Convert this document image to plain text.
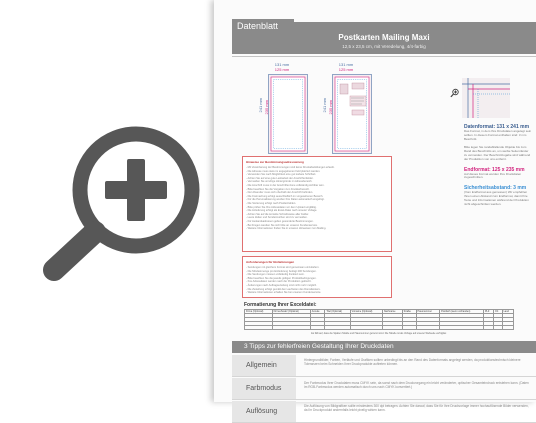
Datenblatt
Postkarten Mailing Maxi
12,5 x 23,5 cm, mit Veredelung, 4/4-farbig
131 mm
125 mm
241 mm 235 mm
131 mm
125 mm
241 mm 235 mm
Datenformat: 131 x 241 mm
Das Format, in dem Ihre Druckdaten angelegt sein sollten. In diesem Format enthalten sind: 3 mm Beschnitt.
Bitte legen Sie randabfallende Objekte bis zum Rand des Beschnitts an, um weiße Seitenränder zu vermeiden. Der Beschnittzugabe wird während der Produktion von uns entfernt.
Endformat: 125 x 235 mm
Auf dieses Format werden Ihre Druckdaten zugeschnitten.
Sicherheitsabstand: 3 mm
(Vom Endformat aus gemessen) Wir empfehlen Ihnen einen Abstand zum Endformat, damit Ihre Texte und Informationen während der Produktion nicht abgeschnitten werden.
Hinweise zur Bestimmungsadressierung
- Mit Vereinbarung der Bestimmungen sind keine Druckabwicklungen erlaubt.
- Die Adresse muss stets im angegebenen Feld platziert werden.
- Verwenden Sie nach Möglichkeit eine gut lesbare Schriftart.
- Achten Sie auf eine gute Lesbarkeit der Anschriftenfelder.
- Vermeiden Sie unruhige Hintergründe im Adressbereich.
- Die Anschrift muss in der Anschriftenzone vollständig sichtbar sein.
- Bitte beachten Sie die Vorgaben zum Frankierbereich.
- Der Absender muss sich oberhalb der Anschrift befinden.
- Die Freimachung erfolgt ausschließlich im vorgesehenen Bereich.
- Für die Personalisierung werden Ihre Daten automatisch eingefügt.
- Die Sortierung erfolgt nach Postleitzahlen.
- Bitte prüfen Sie Ihre Adressdaten vor dem Upload sorgfältig.
- Die Anlieferung erfolgt als Excel-Datei nach unserer Vorlage.
- Achten Sie auf die korrekte Schreibweise aller Felder.
- Leere Zeilen und Sonderzeichen sind zu vermeiden.
- Für Auslandsadressen gelten gesonderte Bestimmungen.
- Bei Fragen wenden Sie sich bitte an unseren Kundenservice.
- Weitere Informationen finden Sie in unseren Hinweisen zum Mailing.
Anforderungen für Einlieferungen
- Sendungen mit gleichem Format sind gemeinsam einzuliefern.
- Die Mindestmenge pro Einlieferung beträgt 200 Sendungen.
- Die Sendungen müssen vollständig frankiert sein.
- Bitte beachten Sie die jeweils gültigen Produktbedingungen.
- Ihre Adressdaten werden nach der Produktion gelöscht.
- Änderungen nach Auftragserteilung sind nicht mehr möglich.
- Die Zustellung erfolgt gemäß den Laufzeiten des Dienstleisters.
- Weitere Informationen erhalten Sie bei unserem Kundenservice.
Formatierung Ihrer Exceldatei:
Firma (Optional)	Firma Zusatz (Optional)	Anrede	Titel (Optional)	Vorname (Optional)	Nachname	Straße	Hausnummer	Postfach (wenn vorhanden)	PLZ	Ort	Land

Es fällt auf, dass die Spalten Straße und Hausnummer getrennt sind. Die Tabelle ist als Vorlage auf unserer Webseite verfügbar.
3 Tipps zur fehlerfreien Gestaltung Ihrer Druckdaten
Allgemein
Hintergrundbilder, Farben, Verläufe und Grafiken sollten unbedingt bis an den Rand des Datenformats angelegt werden, da produktionstechnisch kleinere Toleranzen beim Schneiden Ihrer Druckprodukte auftreten können.
Farbmodus
Der Farbmodus Ihrer Druckdaten muss CMYK sein, da sonst nach dem Druckvorgang ein leicht veränderter, optischer Gesamteindruck entstehen kann. (Daten im RGB-Farbmodus werden automatisch durch uns nach CMYK konvertiert.)
Auflösung
Die Auflösung von Bildgrafiken sollte mindestens 300 dpi betragen. Achten Sie darauf, dass Sie für Ihre Druckvorlage immer hochauflösende Bilder verwenden, da Ihr Druckprodukt andernfalls leicht pixelig wirken kann.
